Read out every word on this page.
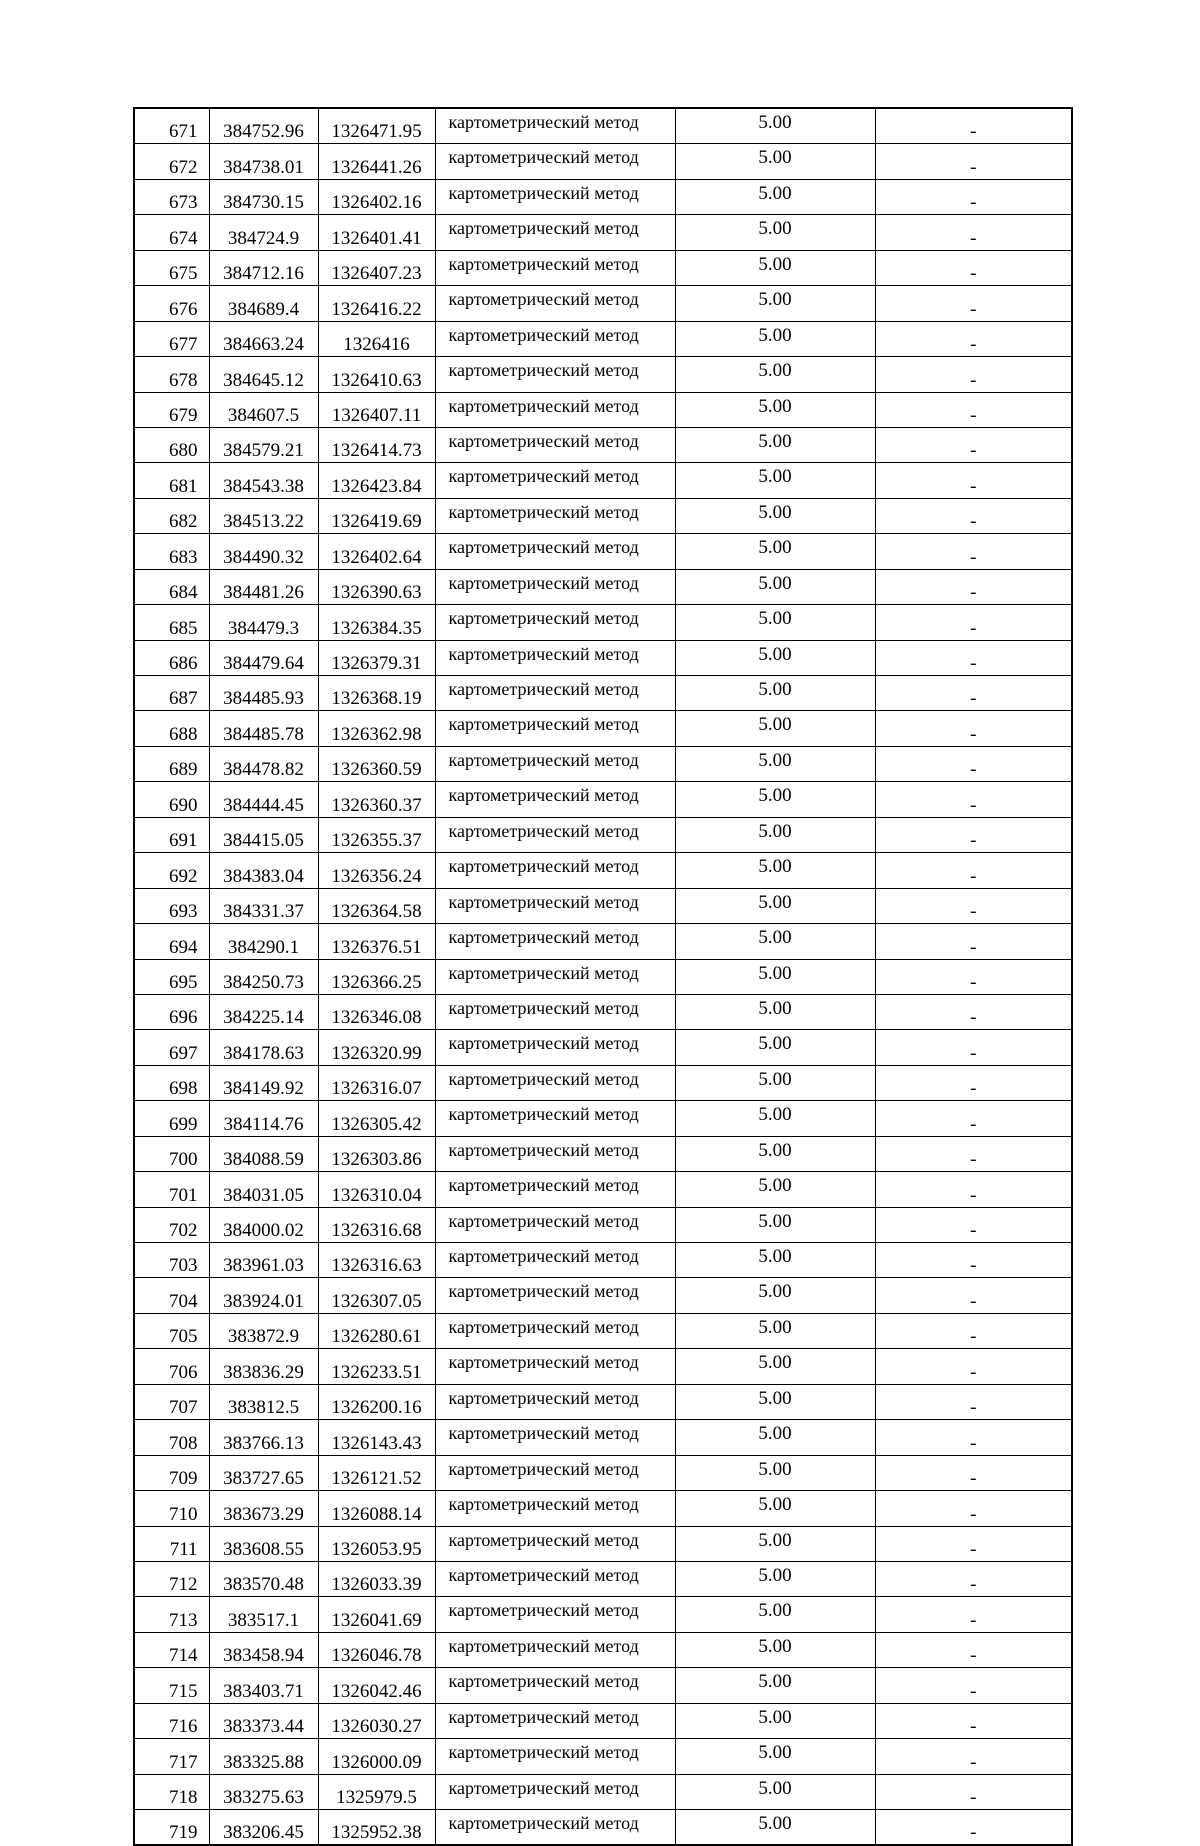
671	384752.96	1326471.95	картометрический метод	5.00	-
672	384738.01	1326441.26	картометрический метод	5.00	-
673	384730.15	1326402.16	картометрический метод	5.00	-
674	384724.9	1326401.41	картометрический метод	5.00	-
675	384712.16	1326407.23	картометрический метод	5.00	-
676	384689.4	1326416.22	картометрический метод	5.00	-
677	384663.24	1326416	картометрический метод	5.00	-
678	384645.12	1326410.63	картометрический метод	5.00	-
679	384607.5	1326407.11	картометрический метод	5.00	-
680	384579.21	1326414.73	картометрический метод	5.00	-
681	384543.38	1326423.84	картометрический метод	5.00	-
682	384513.22	1326419.69	картометрический метод	5.00	-
683	384490.32	1326402.64	картометрический метод	5.00	-
684	384481.26	1326390.63	картометрический метод	5.00	-
685	384479.3	1326384.35	картометрический метод	5.00	-
686	384479.64	1326379.31	картометрический метод	5.00	-
687	384485.93	1326368.19	картометрический метод	5.00	-
688	384485.78	1326362.98	картометрический метод	5.00	-
689	384478.82	1326360.59	картометрический метод	5.00	-
690	384444.45	1326360.37	картометрический метод	5.00	-
691	384415.05	1326355.37	картометрический метод	5.00	-
692	384383.04	1326356.24	картометрический метод	5.00	-
693	384331.37	1326364.58	картометрический метод	5.00	-
694	384290.1	1326376.51	картометрический метод	5.00	-
695	384250.73	1326366.25	картометрический метод	5.00	-
696	384225.14	1326346.08	картометрический метод	5.00	-
697	384178.63	1326320.99	картометрический метод	5.00	-
698	384149.92	1326316.07	картометрический метод	5.00	-
699	384114.76	1326305.42	картометрический метод	5.00	-
700	384088.59	1326303.86	картометрический метод	5.00	-
701	384031.05	1326310.04	картометрический метод	5.00	-
702	384000.02	1326316.68	картометрический метод	5.00	-
703	383961.03	1326316.63	картометрический метод	5.00	-
704	383924.01	1326307.05	картометрический метод	5.00	-
705	383872.9	1326280.61	картометрический метод	5.00	-
706	383836.29	1326233.51	картометрический метод	5.00	-
707	383812.5	1326200.16	картометрический метод	5.00	-
708	383766.13	1326143.43	картометрический метод	5.00	-
709	383727.65	1326121.52	картометрический метод	5.00	-
710	383673.29	1326088.14	картометрический метод	5.00	-
711	383608.55	1326053.95	картометрический метод	5.00	-
712	383570.48	1326033.39	картометрический метод	5.00	-
713	383517.1	1326041.69	картометрический метод	5.00	-
714	383458.94	1326046.78	картометрический метод	5.00	-
715	383403.71	1326042.46	картометрический метод	5.00	-
716	383373.44	1326030.27	картометрический метод	5.00	-
717	383325.88	1326000.09	картометрический метод	5.00	-
718	383275.63	1325979.5	картометрический метод	5.00	-
719	383206.45	1325952.38	картометрический метод	5.00	-
